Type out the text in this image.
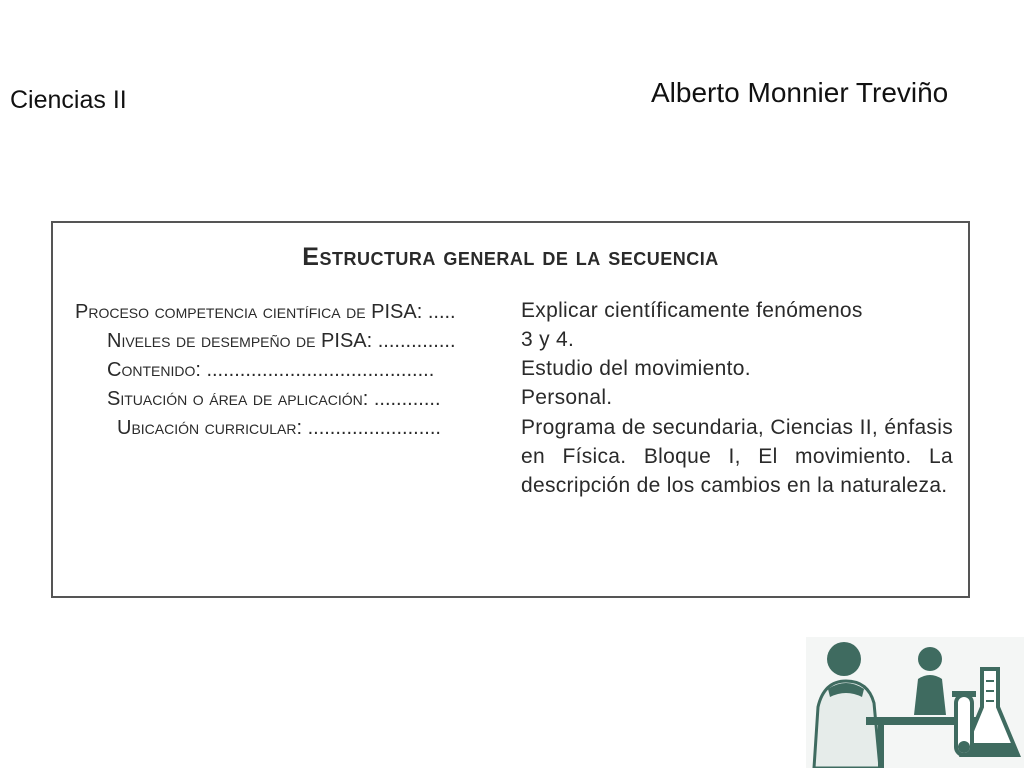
Ciencias II	Alberto Monnier Treviño
Estructura general de la secuencia
Proceso competencia científica de PISA: .....	Explicar científicamente fenómenos
Niveles de desempeño de PISA: ..............	3 y 4.
Contenido: .........................................	Estudio del movimiento.
Situación o área de aplicación: ............	Personal.
Ubicación curricular: ........................	Programa de secundaria, Ciencias II, énfasis en Física. Bloque I, El movimiento. La descripción de los cambios en la naturaleza.
